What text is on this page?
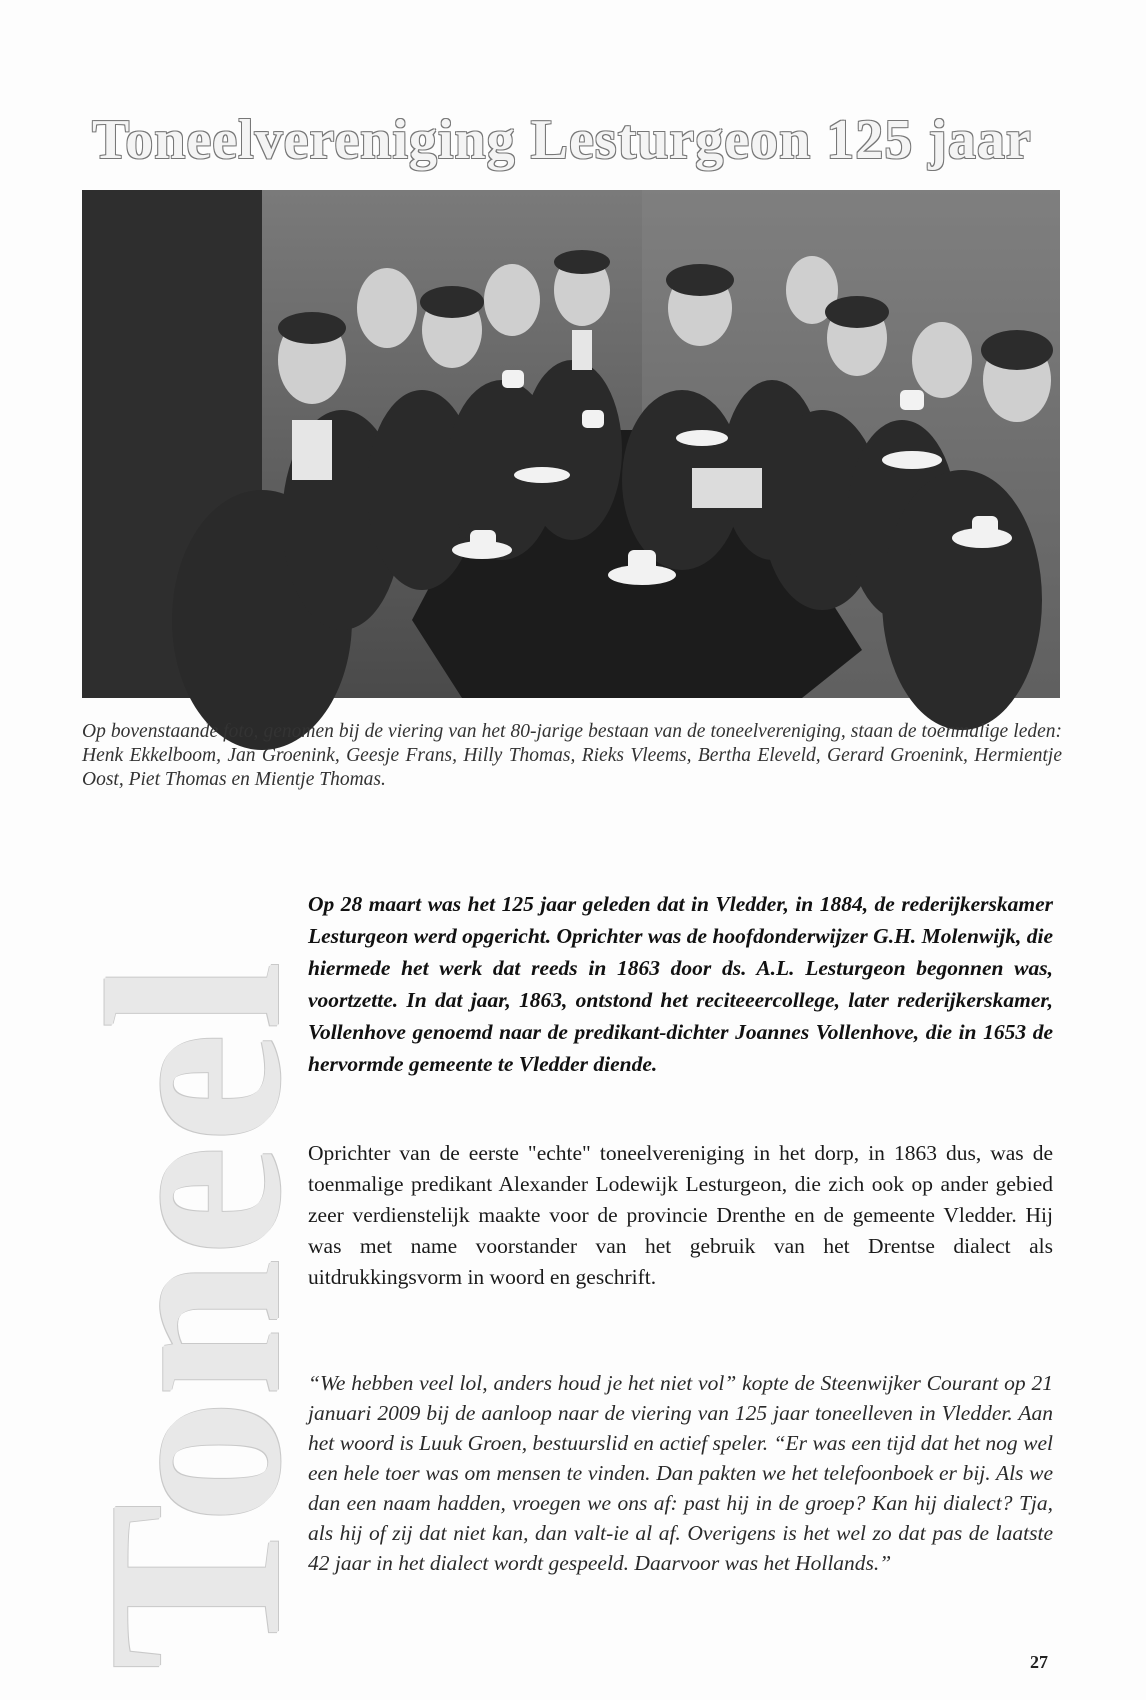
Toneelvereniging Lesturgeon 125 jaar
Op bovenstaande foto, genomen bij de viering van het 80-jarige bestaan van de toneelvereniging, staan de toenmalige leden: Henk Ekkelboom, Jan Groenink, Geesje Frans, Hilly Thomas, Rieks Vleems, Bertha Eleveld, Gerard Groenink, Hermientje Oost, Piet Thomas en Mientje Thomas.
Toneel
Op 28 maart was het 125 jaar geleden dat in Vledder, in 1884, de rederijkerskamer Lesturgeon werd opgericht. Oprichter was de hoofdonderwijzer G.H. Molenwijk, die hiermede het werk dat reeds in 1863 door ds. A.L. Lesturgeon begonnen was, voortzette. In dat jaar, 1863, ontstond het reciteeercollege, later rederijkerskamer, Vollenhove genoemd naar de predikant-dichter Joannes Vollenhove, die in 1653 de hervormde gemeente te Vledder diende.
Oprichter van de eerste "echte" toneelvereniging in het dorp, in 1863 dus, was de toenmalige predikant Alexander Lodewijk Lesturgeon, die zich ook op ander gebied zeer verdienstelijk maakte voor de provincie Drenthe en de gemeente Vledder. Hij was met name voorstander van het gebruik van het Drentse dialect als uitdrukkingsvorm in woord en geschrift.
“We hebben veel lol, anders houd je het niet vol” kopte de Steenwijker Courant op 21 januari 2009 bij de aanloop naar de viering van 125 jaar toneelleven in Vledder. Aan het woord is Luuk Groen, bestuurslid en actief speler. “Er was een tijd dat het nog wel een hele toer was om mensen te vinden. Dan pakten we het telefoonboek er bij. Als we dan een naam hadden, vroegen we ons af: past hij in de groep? Kan hij dialect? Tja, als hij of zij dat niet kan, dan valt-ie al af. Overigens is het wel zo dat pas de laatste 42 jaar in het dialect wordt gespeeld. Daarvoor was het Hollands.”
27
